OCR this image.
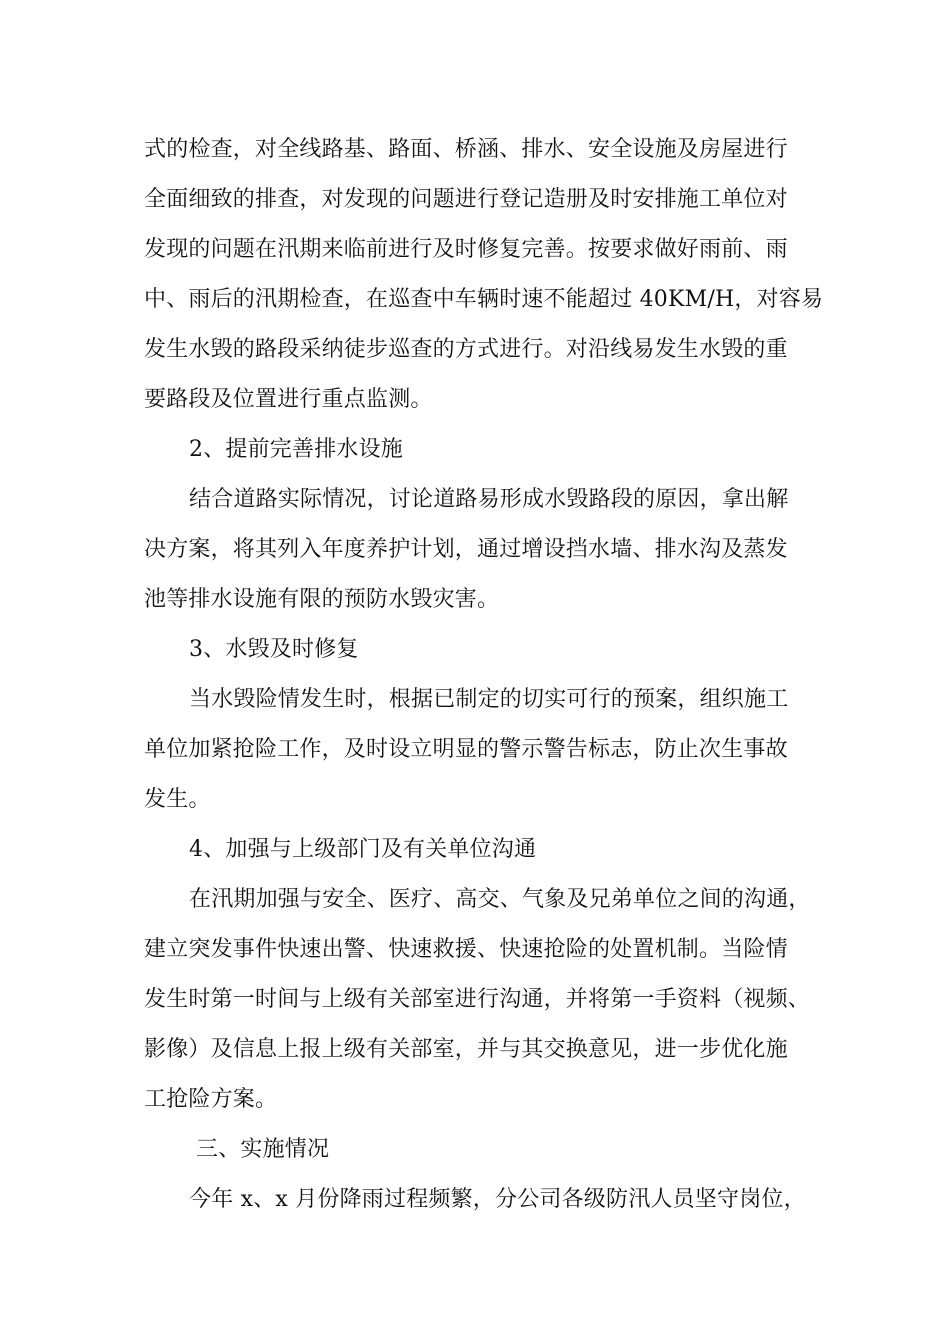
式的检查，对全线路基、路面、桥涵、排水、安全设施及房屋进行
全面细致的排查，对发现的问题进行登记造册及时安排施工单位对
发现的问题在汛期来临前进行及时修复完善。按要求做好雨前、雨
中、雨后的汛期检查，在巡查中车辆时速不能超过 40KM/H，对容易
发生水毁的路段采纳徒步巡查的方式进行。对沿线易发生水毁的重
要路段及位置进行重点监测。
2、提前完善排水设施
结合道路实际情况，讨论道路易形成水毁路段的原因，拿出解
决方案，将其列入年度养护计划，通过增设挡水墙、排水沟及蒸发
池等排水设施有限的预防水毁灾害。
3、水毁及时修复
当水毁险情发生时，根据已制定的切实可行的预案，组织施工
单位加紧抢险工作，及时设立明显的警示警告标志，防止次生事故
发生。
4、加强与上级部门及有关单位沟通
在汛期加强与安全、医疗、高交、气象及兄弟单位之间的沟通，
建立突发事件快速出警、快速救援、快速抢险的处置机制。当险情
发生时第一时间与上级有关部室进行沟通，并将第一手资料（视频、
影像）及信息上报上级有关部室，并与其交换意见，进一步优化施
工抢险方案。
三、实施情况
今年 x、x 月份降雨过程频繁，分公司各级防汛人员坚守岗位，
